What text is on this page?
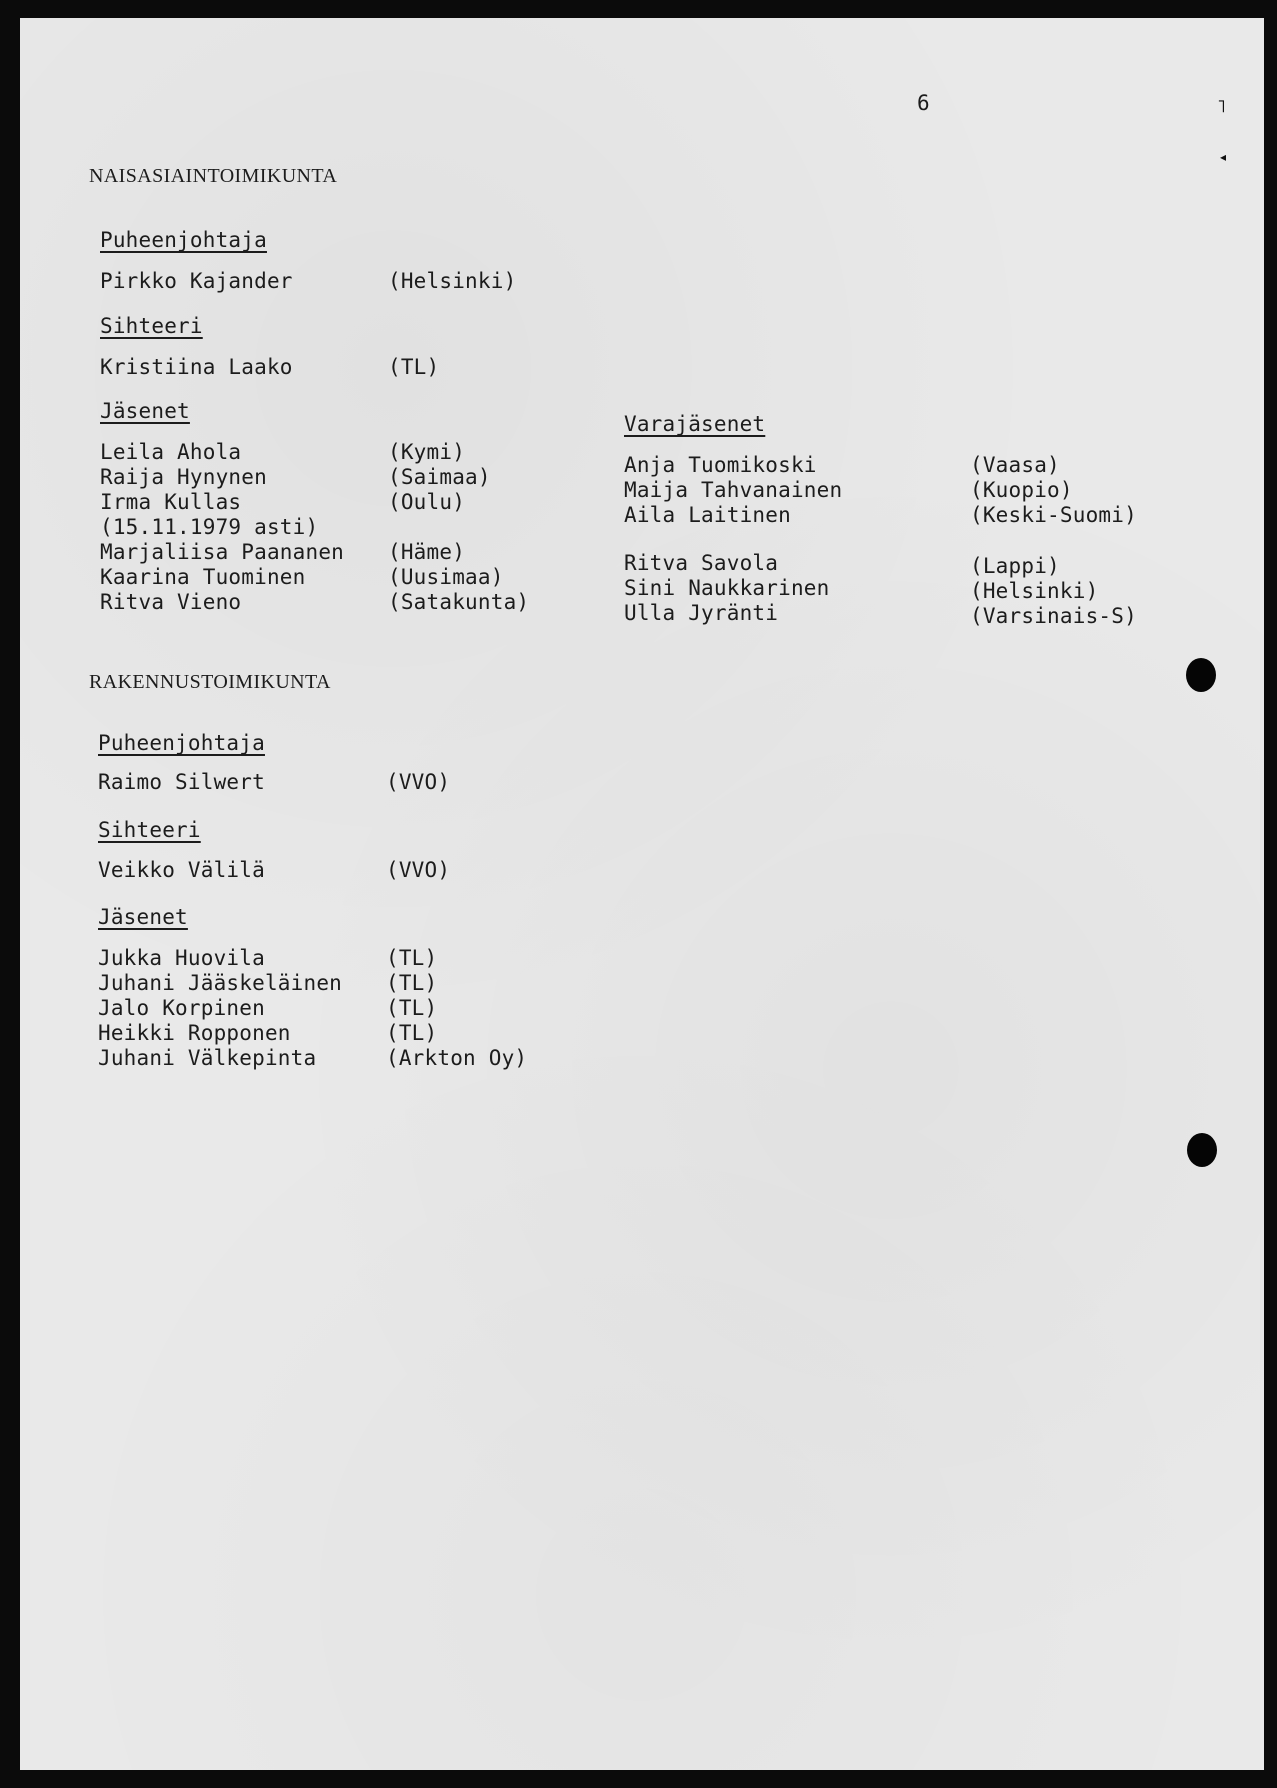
6	˥
◂
NAISASIAINTOIMIKUNTA
Puheenjohtaja
Pirkko Kajander	(Helsinki)
Sihteeri
Kristiina Laako	(TL)
Jäsenet
Leila Ahola	(Kymi)
Raija Hynynen	(Saimaa)
Irma Kullas	(Oulu)
(15.11.1979 asti)
Marjaliisa Paananen (Häme)
Kaarina Tuominen	(Uusimaa)
Ritva Vieno	(Satakunta)
Varajäsenet
Anja Tuomikoski	(Vaasa)
Maija Tahvanainen	(Kuopio)
Aila Laitinen	(Keski-Suomi)
Ritva Savola	(Lappi)
Sini Naukkarinen	(Helsinki)
Ulla Jyränti	(Varsinais-S)
RAKENNUSTOIMIKUNTA
Puheenjohtaja
Raimo Silwert	(VVO)
Sihteeri
Veikko Välilä	(VVO)
Jäsenet
Jukka Huovila	(TL)
Juhani Jääskeläinen (TL)
Jalo Korpinen	(TL)
Heikki Ropponen	(TL)
Juhani Välkepinta	(Arkton Oy)
